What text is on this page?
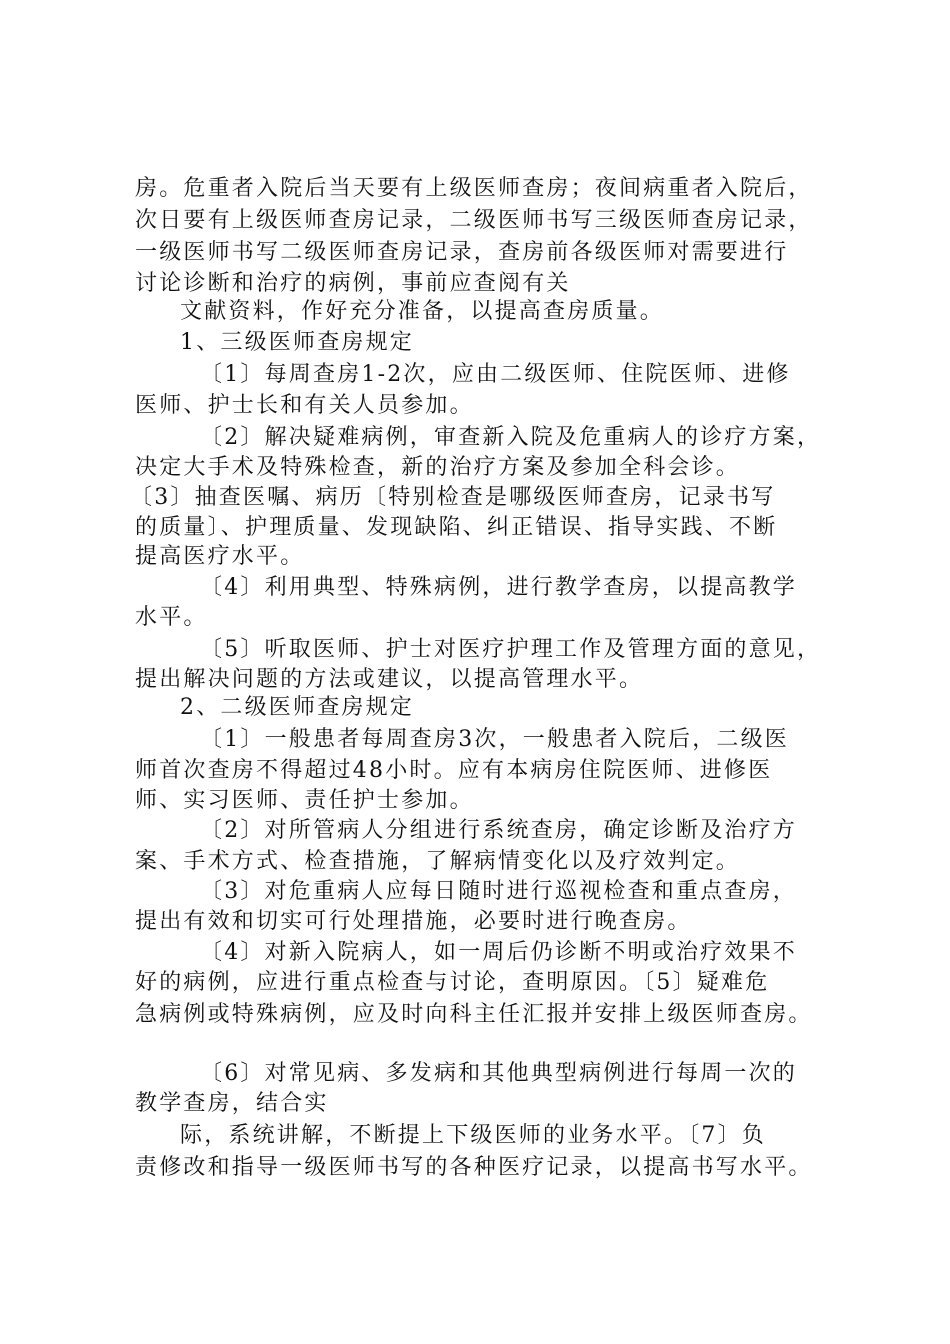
房。危重者入院后当天要有上级医师查房；夜间病重者入院后，
次日要有上级医师查房记录，二级医师书写三级医师查房记录，
一级医师书写二级医师查房记录，查房前各级医师对需要进行
讨论诊断和治疗的病例，事前应查阅有关
文献资料，作好充分准备，以提高查房质量。
1、三级医师查房规定
〔1〕每周查房1-2次，应由二级医师、住院医师、进修
医师、护士长和有关人员参加。
〔2〕解决疑难病例，审查新入院及危重病人的诊疗方案，
决定大手术及特殊检查，新的治疗方案及参加全科会诊。
〔3〕抽查医嘱、病历〔特别检查是哪级医师查房，记录书写
的质量〕、护理质量、发现缺陷、纠正错误、指导实践、不断
提高医疗水平。
〔4〕利用典型、特殊病例，进行教学查房，以提高教学
水平。
〔5〕听取医师、护士对医疗护理工作及管理方面的意见，
提出解决问题的方法或建议，以提高管理水平。
2、二级医师查房规定
〔1〕一般患者每周查房3次，一般患者入院后，二级医
师首次查房不得超过48小时。应有本病房住院医师、进修医
师、实习医师、责任护士参加。
〔2〕对所管病人分组进行系统查房，确定诊断及治疗方
案、手术方式、检查措施，了解病情变化以及疗效判定。
〔3〕对危重病人应每日随时进行巡视检查和重点查房，
提出有效和切实可行处理措施，必要时进行晚查房。
〔4〕对新入院病人，如一周后仍诊断不明或治疗效果不
好的病例，应进行重点检查与讨论，查明原因。〔5〕疑难危
急病例或特殊病例，应及时向科主任汇报并安排上级医师查房。
〔6〕对常见病、多发病和其他典型病例进行每周一次的
教学查房，结合实
际，系统讲解，不断提上下级医师的业务水平。〔7〕负
责修改和指导一级医师书写的各种医疗记录，以提高书写水平。
